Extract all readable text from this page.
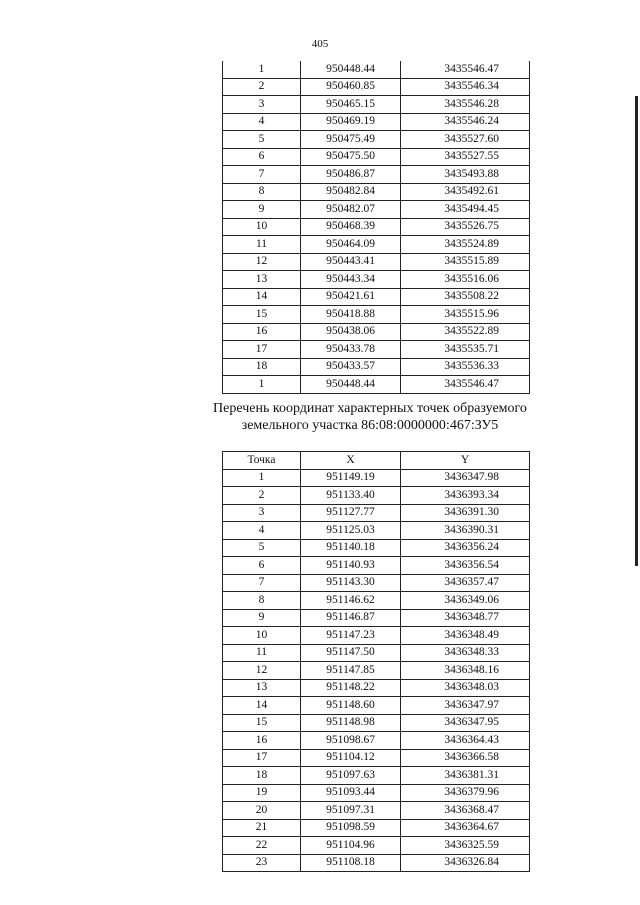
405
1	950448.44	3435546.47
2	950460.85	3435546.34
3	950465.15	3435546.28
4	950469.19	3435546.24
5	950475.49	3435527.60
6	950475.50	3435527.55
7	950486.87	3435493.88
8	950482.84	3435492.61
9	950482.07	3435494.45
10	950468.39	3435526.75
11	950464.09	3435524.89
12	950443.41	3435515.89
13	950443.34	3435516.06
14	950421.61	3435508.22
15	950418.88	3435515.96
16	950438.06	3435522.89
17	950433.78	3435535.71
18	950433.57	3435536.33
1	950448.44	3435546.47
Перечень координат характерных точек образуемого
земельного участка 86:08:0000000:467:ЗУ5
Точка	X	Y
1	951149.19	3436347.98
2	951133.40	3436393.34
3	951127.77	3436391.30
4	951125.03	3436390.31
5	951140.18	3436356.24
6	951140.93	3436356.54
7	951143.30	3436357.47
8	951146.62	3436349.06
9	951146.87	3436348.77
10	951147.23	3436348.49
11	951147.50	3436348.33
12	951147.85	3436348.16
13	951148.22	3436348.03
14	951148.60	3436347.97
15	951148.98	3436347.95
16	951098.67	3436364.43
17	951104.12	3436366.58
18	951097.63	3436381.31
19	951093.44	3436379.96
20	951097.31	3436368.47
21	951098.59	3436364.67
22	951104.96	3436325.59
23	951108.18	3436326.84
